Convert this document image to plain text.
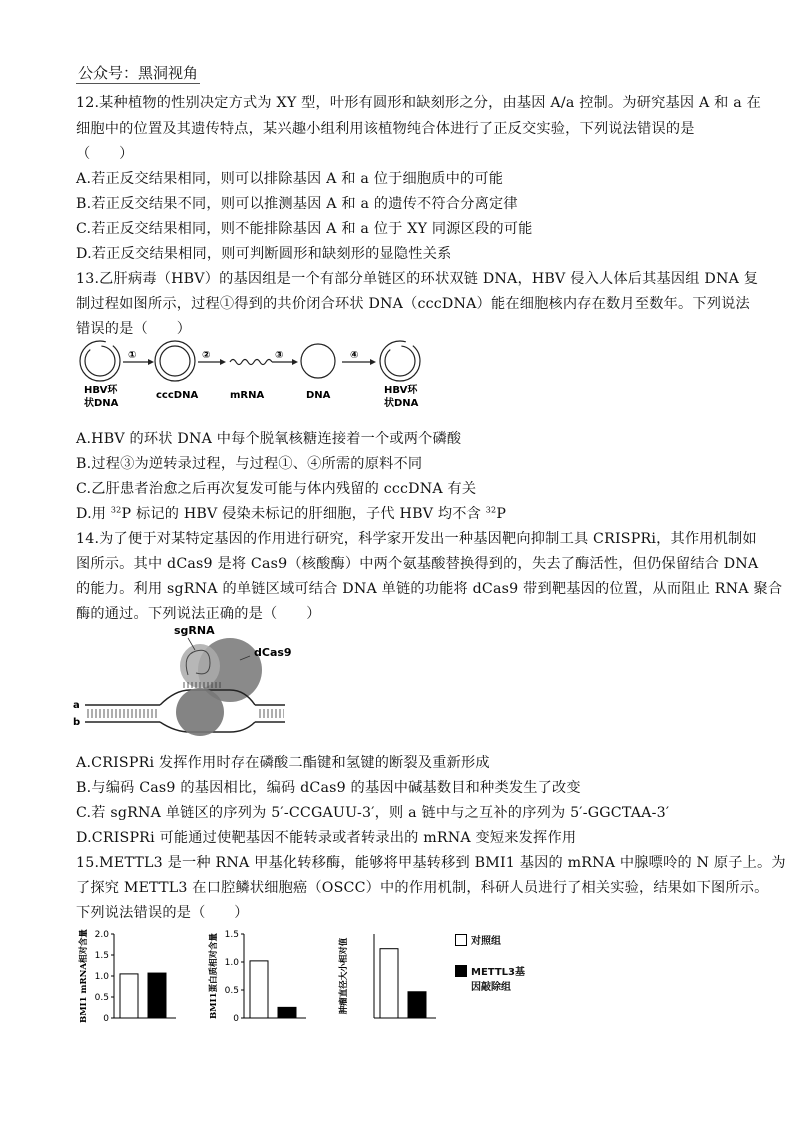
公众号：黑洞视角
12.某种植物的性别决定方式为 XY 型，叶形有圆形和缺刻形之分，由基因 A/a 控制。为研究基因 A 和 a 在
细胞中的位置及其遗传特点，某兴趣小组利用该植物纯合体进行了正反交实验，下列说法错误的是
（　　）
A.若正反交结果相同，则可以排除基因 A 和 a 位于细胞质中的可能
B.若正反交结果不同，则可以推测基因 A 和 a 的遗传不符合分离定律
C.若正反交结果相同，则不能排除基因 A 和 a 位于 XY 同源区段的可能
D.若正反交结果相同，则可判断圆形和缺刻形的显隐性关系
13.乙肝病毒（HBV）的基因组是一个有部分单链区的环状双链 DNA，HBV 侵入人体后其基因组 DNA 复
制过程如图所示，过程①得到的共价闭合环状 DNA（cccDNA）能在细胞核内存在数月至数年。下列说法
错误的是（　　）
①	②	③	④
HBV环
状DNA
cccDNA	mRNA	DNA	HBV环
状DNA
A.HBV 的环状 DNA 中每个脱氧核糖连接着一个或两个磷酸
B.过程③为逆转录过程，与过程①、④所需的原料不同
C.乙肝患者治愈之后再次复发可能与体内残留的 cccDNA 有关
D.用 $^{32}$P 标记的 HBV 侵染未标记的肝细胞，子代 HBV 均不含 $^{32}$P
14.为了便于对某特定基因的作用进行研究，科学家开发出一种基因靶向抑制工具 CRISPRi，其作用机制如
图所示。其中 dCas9 是将 Cas9（核酸酶）中两个氨基酸替换得到的，失去了酶活性，但仍保留结合 DNA
的能力。利用 sgRNA 的单链区域可结合 DNA 单链的功能将 dCas9 带到靶基因的位置，从而阻止 RNA 聚合
酶的通过。下列说法正确的是（　　）
sgRNA
dCas9
a
b
A.CRISPRi 发挥作用时存在磷酸二酯键和氢键的断裂及重新形成
B.与编码 Cas9 的基因相比，编码 dCas9 的基因中碱基数目和种类发生了改变
C.若 sgRNA 单链区的序列为 5′-CCGAUU-3′，则 a 链中与之互补的序列为 5′-GGCTAA-3′
D.CRISPRi 可能通过使靶基因不能转录或者转录出的 mRNA 变短来发挥作用
15.METTL3 是一种 RNA 甲基化转移酶，能够将甲基转移到 BMI1 基因的 mRNA 中腺嘌呤的 N 原子上。为
了探究 METTL3 在口腔鳞状细胞癌（OSCC）中的作用机制，科研人员进行了相关实验，结果如下图所示。
下列说法错误的是（　　）
BMI1 mRNA相对含量 0
0.5
1.0
1.5
2.0	BMI1蛋白质相对含量 0
0.5
1.0
1.5
肿瘤直径大小相对值	对照组
METTL3基
因敲除组
